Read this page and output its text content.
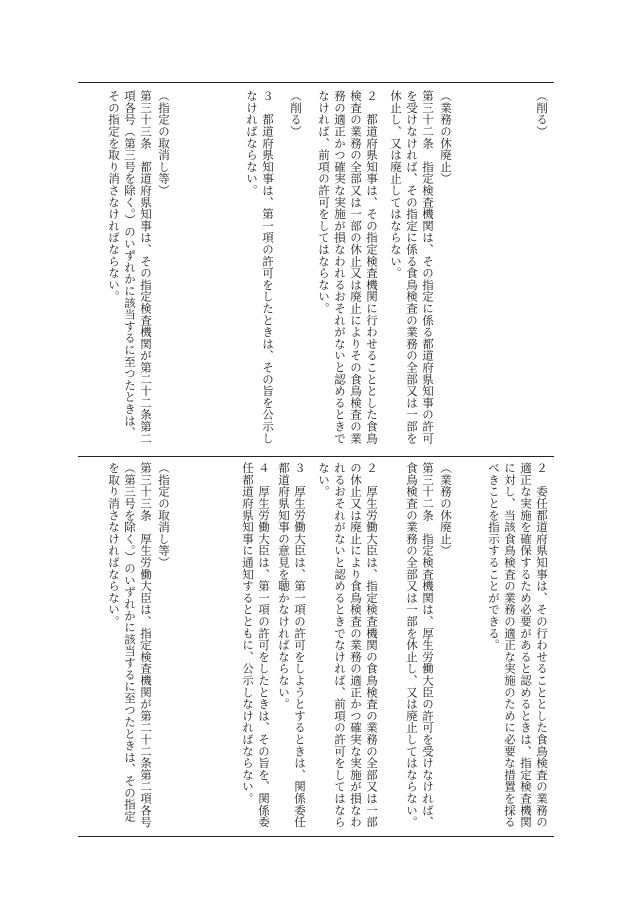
（削る）
（業務の休廃止）
第三十二条　指定検査機関は、その指定に係る都道府県知事の許可を受けなければ、その指定に係る食鳥検査の業務の全部又は一部を休止し、又は廃止してはならない。
２　都道府県知事は、その指定検査機関に行わせることとした食鳥検査の業務の全部又は一部の休止又は廃止によりその食鳥検査の業務の適正かつ確実な実施が損なわれるおそれがないと認めるときでなければ、前項の許可をしてはならない。
（削る）
３　都道府県知事は、第一項の許可をしたときは、その旨を公示しなければならない。
（指定の取消し等）
第三十三条　都道府県知事は、その指定検査機関が第二十二条第二項各号（第三号を除く。）のいずれかに該当するに至つたときは、その指定を取り消さなければならない。
２　委任都道府県知事は、その行わせることとした食鳥検査の業務の適正な実施を確保するため必要があると認めるときは、指定検査機関に対し、当該食鳥検査の業務の適正な実施のために必要な措置を採るべきことを指示することができる。
（業務の休廃止）
第三十二条　指定検査機関は、厚生労働大臣の許可を受けなければ、食鳥検査の業務の全部又は一部を休止し、又は廃止してはならない。
２　厚生労働大臣は、指定検査機関の食鳥検査の業務の全部又は一部の休止又は廃止により食鳥検査の業務の適正かつ確実な実施が損なわれるおそれがないと認めるときでなければ、前項の許可をしてはならない。
３　厚生労働大臣は、第一項の許可をしようとするときは、関係委任都道府県知事の意見を聴かなければならない。
４　厚生労働大臣は、第一項の許可をしたときは、その旨を、関係委任都道府県知事に通知するとともに、公示しなければならない。
（指定の取消し等）
第三十三条　厚生労働大臣は、指定検査機関が第二十二条第二項各号（第三号を除く。）のいずれかに該当するに至つたときは、その指定を取り消さなければならない。
